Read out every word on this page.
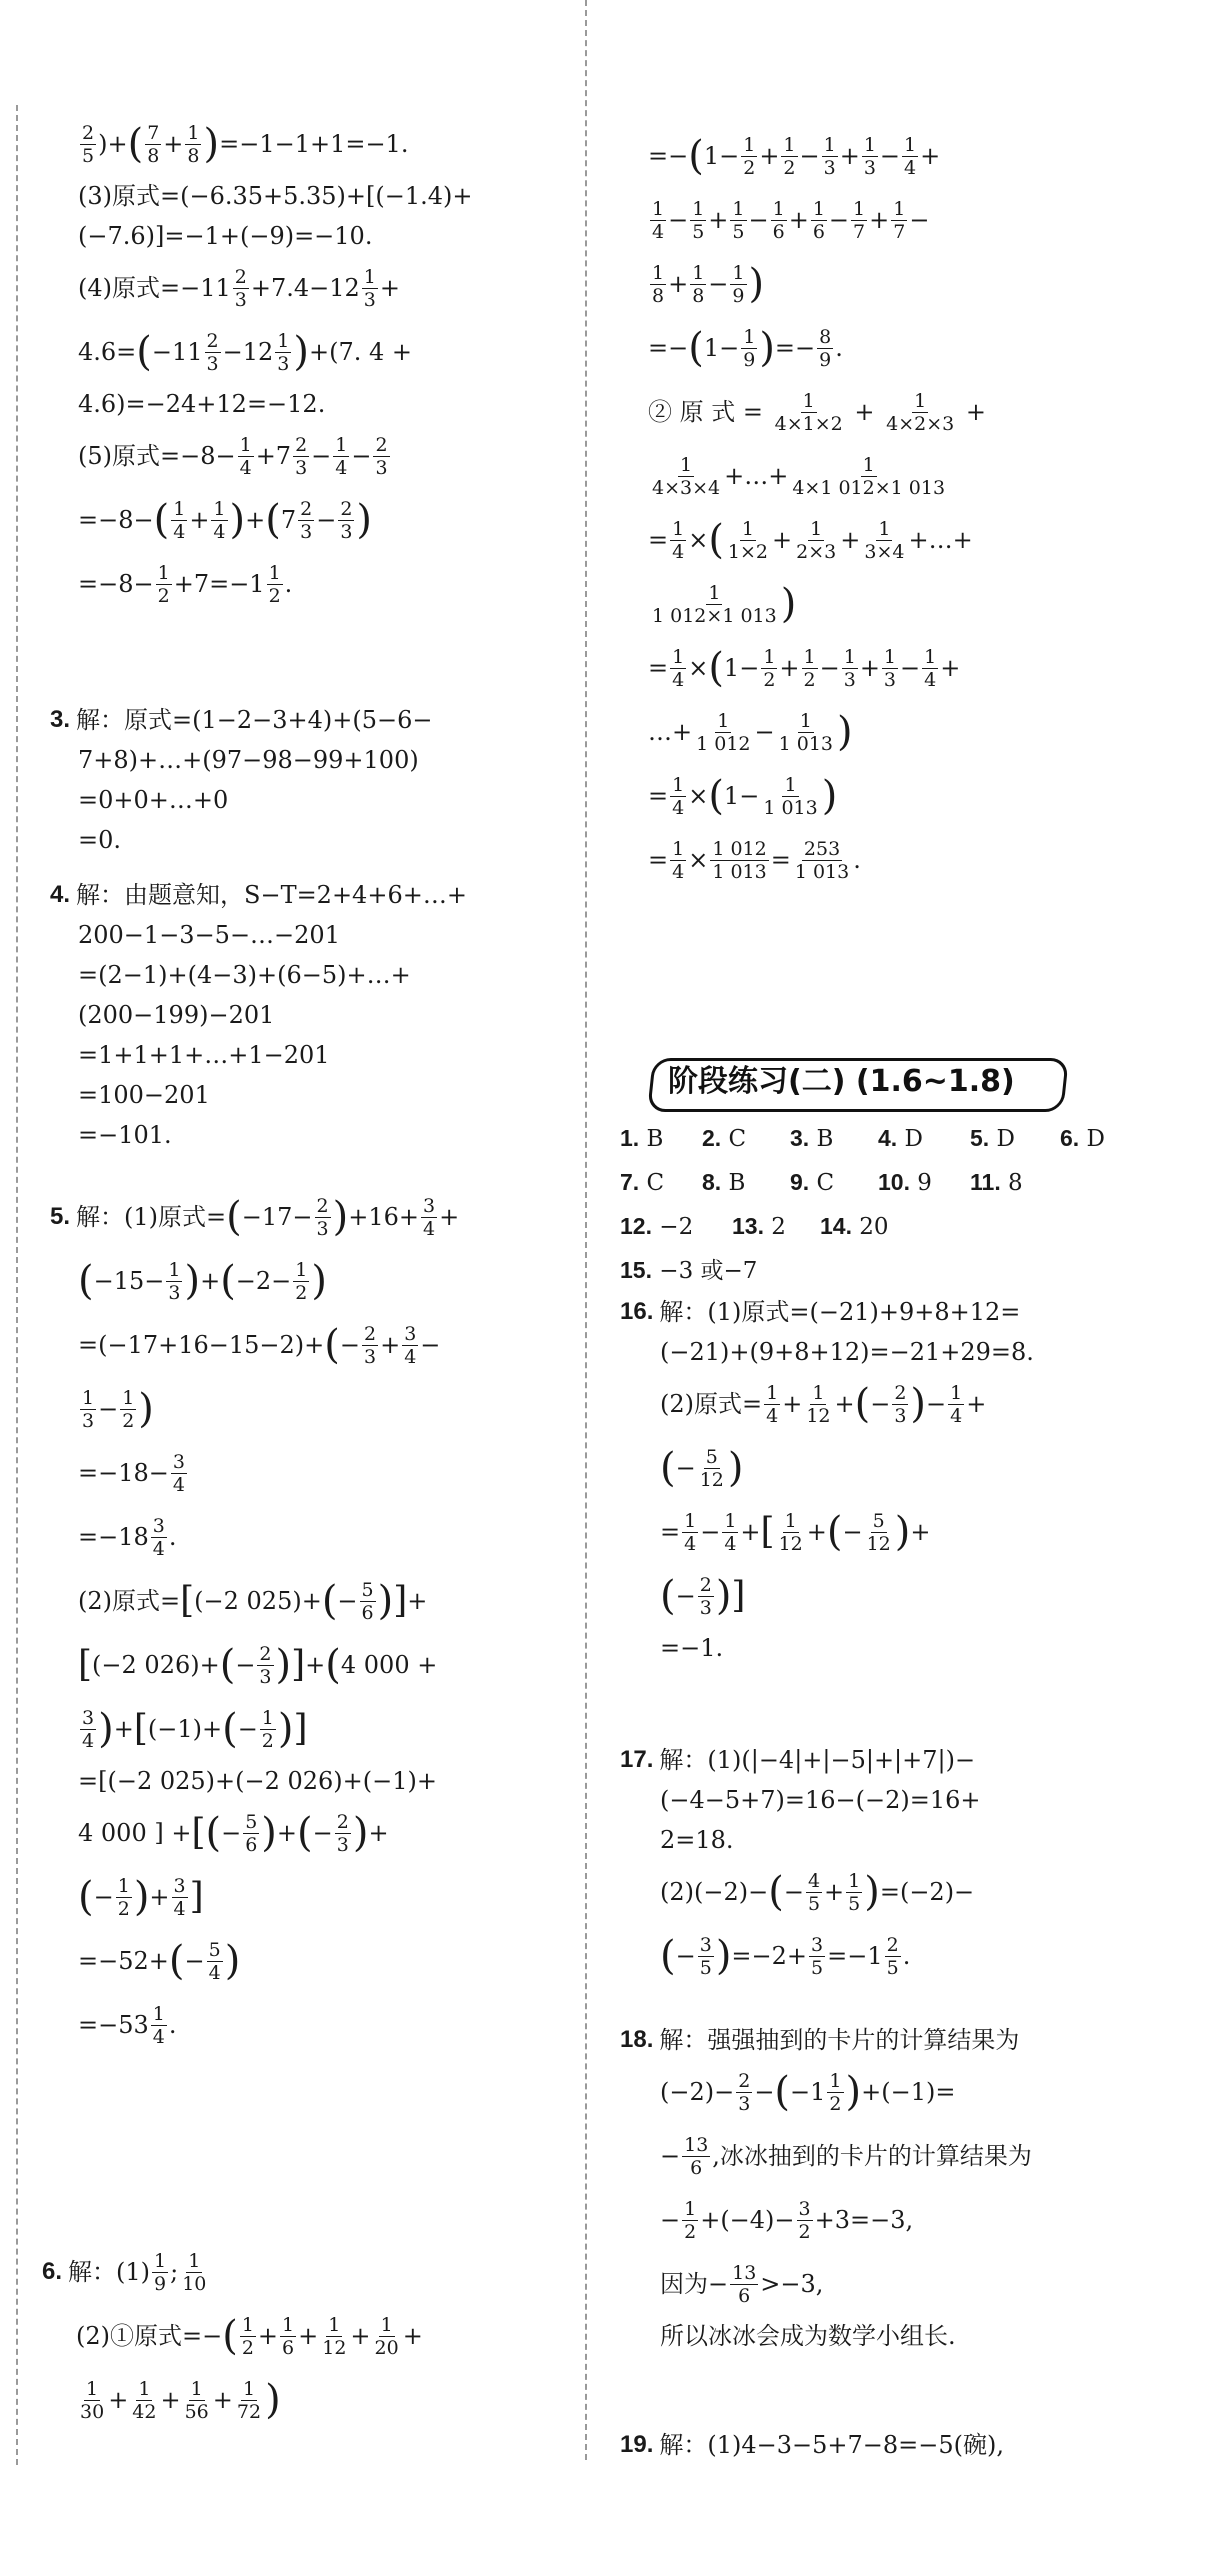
$\frac{2}{5}$ )+ ( $\frac{7}{8} + \frac{1}{8}$ ) =−1−1+1=−1.
(3)原式=(−6.35+5.35)+[(−1.4)+
(−7.6)]=−1+(−9)=−10.
(4)原式$=-11 \frac{2}{3} +7.4-12 \frac{1}{3}$ +
4.6= ( $-11 \frac{2}{3} -12 \frac{1}{3}$ ) +(7. 4 +
4.6)=−24+12=−12.
(5)原式$=-8- \frac{1}{4} +7 \frac{2}{3} - \frac{1}{4} - \frac{2}{3}$
=−8− ( $\frac{1}{4} + \frac{1}{4}$ ) + ( $7 \frac{2}{3} - \frac{2}{3}$ )
$=-8- \frac{1}{2} +7=-1 \frac{1}{2}$ .
3. 解：原式=(1−2−3+4)+(5−6−
7+8)+…+(97−98−99+100)
=0+0+…+0
=0.
4. 解：由题意知，S−T=2+4+6+…+
200−1−3−5−…−201
=(2−1)+(4−3)+(6−5)+…+
(200−199)−201
=1+1+1+…+1−201
=100−201
=−101.
5. 解：(1)原式= ( $-17- \frac{2}{3}$ ) $+16+ \frac{3}{4}$ +
( $-15- \frac{1}{3}$ ) + ( $-2- \frac{1}{2}$ )
=(−17+16−15−2)+ ( − $\frac{2}{3} + \frac{3}{4}$ −
$\frac{1}{3} - \frac{1}{2}$ )
$=-18- \frac{3}{4}$
$=-18 \frac{3}{4}$ .
(2)原式= [ (−2 025)+ ( − $\frac{5}{6}$ ) ] +
[ (−2 026)+ ( − $\frac{2}{3}$ ) ] + ( 4 000 +
$\frac{3}{4}$ ) + [ (−1)+ ( − $\frac{1}{2}$ ) ]
=[(−2 025)+(−2 026)+(−1)+
4 000 ] + [ ( − $\frac{5}{6}$ ) + ( − $\frac{2}{3}$ ) +
( − $\frac{1}{2}$ ) + $\frac{3}{4}$ ]
=−52+ ( − $\frac{5}{4}$ )
$=-53 \frac{1}{4}$ .
6. 解：$(1) \frac{1}{9}$ ; $\frac{1}{10}$
(2)①原式=− ( $\frac{1}{2} + \frac{1}{6} + \frac{1}{12} + \frac{1}{20}$ +
$\frac{1}{30} + \frac{1}{42} + \frac{1}{56} + \frac{1}{72}$ )
=− ( $1- \frac{1}{2} + \frac{1}{2} - \frac{1}{3} + \frac{1}{3} - \frac{1}{4}$ +
$\frac{1}{4} - \frac{1}{5} + \frac{1}{5} - \frac{1}{6} + \frac{1}{6} - \frac{1}{7} + \frac{1}{7}$ −
$\frac{1}{8} + \frac{1}{8} - \frac{1}{9}$ )
=− ( $1- \frac{1}{9}$ ) =− $\frac{8}{9}$ .
② 原 式 =
$\frac{1}{4\times 1\times 2} + \frac{1}{4\times 2\times 3}$ +
$\frac{1}{4\times 3\times 4}$ +…+ $\frac{1}{4\times 1 012\times 1 013}$
= $\frac{1}{4}$ × ( $\frac{1}{1\times 2} + \frac{1}{2\times 3} + \frac{1}{3\times 4}$ +…+
$\frac{1}{1 012\times 1 013}$ )
= $\frac{1}{4}$ × ( $1- \frac{1}{2} + \frac{1}{2} - \frac{1}{3} + \frac{1}{3} - \frac{1}{4}$ +
…+ $\frac{1}{1 012} - \frac{1}{1 013}$ )
= $\frac{1}{4}$ × ( $1- \frac{1}{1 013}$ )
= $\frac{1}{4} \times \frac{1 012}{1 013} = \frac{253}{1 013}$ .
阶段练习(二) (1.6~1.8)
1. B 2. C 3. B 4. D 5. D 6. D
7. C 8. B 9. C 10. 9 11. 8
12. −2 13. 2 14. 20
15. −3 或−7
16. 解：(1)原式=(−21)+9+8+12=
(−21)+(9+8+12)=−21+29=8.
(2)原式= $\frac{1}{4} + \frac{1}{12}$ + ( − $\frac{2}{3}$ ) − $\frac{1}{4}$ +
( − $\frac{5}{12}$ )
= $\frac{1}{4} - \frac{1}{4}$ + [ $\frac{1}{12}$ + ( − $\frac{5}{12}$ ) +
( − $\frac{2}{3}$ ) ]
=−1.
17. 解：(1)(|−4|+|−5|+|+7|)−
(−4−5+7)=16−(−2)=16+
2=18.
(2)(−2)− ( − $\frac{4}{5} + \frac{1}{5}$ ) =(−2)−
( − $\frac{3}{5}$ ) $=-2+ \frac{3}{5} =-1 \frac{2}{5}$ .
18. 解：强强抽到的卡片的计算结果为
$(-2)- \frac{2}{3}$ − ( $-1 \frac{1}{2}$ ) +(−1)=
− $\frac{13}{6}$ ,冰冰抽到的卡片的计算结果为
− $\frac{1}{2} +(-4)- \frac{3}{2} +3=-3$,
因为− $\frac{13}{6} >-3$,
所以冰冰会成为数学小组长.
19. 解：(1)4−3−5+7−8=−5(碗),
